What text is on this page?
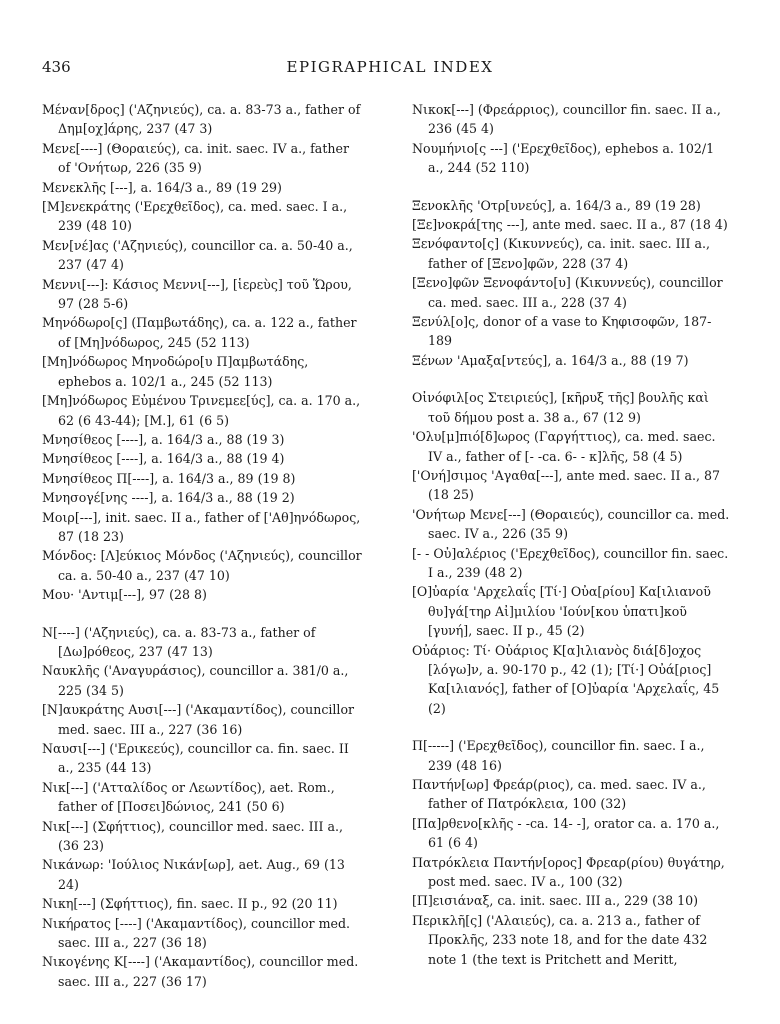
436	EPIGRAPHICAL INDEX

Μέναν[δρος] ('Αζηνιεύς), ca. a. 83-73 a., father of Δημ[οχ]άρης, 237 (47 3)

Μενε[----] (Θοραιεύς), ca. init. saec. IV a., father of 'Ονήτωρ, 226 (35 9)

Μενεκλῆς [---], a. 164/3 a., 89 (19 29)

[Μ]ενεκράτης ('Ερεχθεῖδος), ca. med. saec. I a., 239 (48 10)

Μεν[νέ]ας ('Αζηνιεύς), councillor ca. a. 50-40 a., 237 (47 4)

Μεννι[---]: Κάσιος Μεννι[---], [ἱερεὺς] τοῦ Ὥρου, 97 (28 5-6)

Μηνόδωρο[ς] (Παμβωτάδης), ca. a. 122 a., father of [Μη]νόδωρος, 245 (52 113)

[Μη]νόδωρος Μηνοδώρο[υ Π]αμβωτάδης, ephebos a. 102/1 a., 245 (52 113)

[Μη]νόδωρος Εὐμένου Τρινεμεε[ύς], ca. a. 170 a., 62 (6 43-44); [Μ.], 61 (6 5)

Μνησίθεος [----], a. 164/3 a., 88 (19 3)

Μνησίθεος [----], a. 164/3 a., 88 (19 4)

Μνησίθεος Π[----], a. 164/3 a., 89 (19 8)

Μνησογέ[νης ----], a. 164/3 a., 88 (19 2)

Μοιρ[---], init. saec. II a., father of ['Αθ]ηνόδωρος, 87 (18 23)

Μόνδος: [Λ]εύκιος Μόνδος ('Αζηνιεύς), councillor ca. a. 50-40 a., 237 (47 10)

Μου· 'Αντιμ[---], 97 (28 8)

Ν[----] ('Αζηνιεύς), ca. a. 83-73 a., father of [Δω]ρόθεος, 237 (47 13)

Ναυκλῆς ('Αναγυράσιος), councillor a. 381/0 a., 225 (34 5)

[Ν]αυκράτης Αυσι[---] ('Ακαμαντίδος), councillor med. saec. III a., 227 (36 16)

Ναυσι[---] ('Ερικεεύς), councillor ca. fin. saec. II a., 235 (44 13)

Νικ[---] ('Ατταλίδος or Λεωντίδος), aet. Rom., father of [Ποσει]δώνιος, 241 (50 6)

Νικ[---] (Σφήττιος), councillor med. saec. III a., (36 23)

Νικάνωρ: 'Ιούλιος Νικάν[ωρ], aet. Aug., 69 (13 24)

Νικη[---] (Σφήττιος), fin. saec. II p., 92 (20 11)

Νικήρατος [----] ('Ακαμαντίδος), councillor med. saec. III a., 227 (36 18)

Νικογένης Κ[----] ('Ακαμαντίδος), councillor med. saec. III a., 227 (36 17)

Νικοκ[---] (Φρεάρριος), councillor fin. saec. II a., 236 (45 4)

Νουμήνιο[ς ---] ('Ερεχθεῖδος), ephebos a. 102/1 a., 244 (52 110)

Ξενοκλῆς 'Οτρ[υνεύς], a. 164/3 a., 89 (19 28)

[Ξε]νοκρά[της ---], ante med. saec. II a., 87 (18 4)

Ξενόφαντο[ς] (Κικυννεύς), ca. init. saec. III a., father of [Ξενο]φῶν, 228 (37 4)

[Ξενο]φῶν Ξενοφάντο[υ] (Κικυννεύς), councillor ca. med. saec. III a., 228 (37 4)

Ξενύλ[ο]ς, donor of a vase to Κηφισοφῶν, 187-189

Ξένων 'Αμαξα[ντεύς], a. 164/3 a., 88 (19 7)

Οἰνόφιλ[ος Στειριεύς], [κῆρυξ τῆς] βουλῆς καὶ τοῦ δήμου post a. 38 a., 67 (12 9)

'Ολυ[μ]πιό[δ]ωρος (Γαργήττιος), ca. med. saec. IV a., father of [- -ca. 6- - κ]λῆς, 58 (4 5)

['Ονή]σιμος 'Αγαθα[---], ante med. saec. II a., 87 (18 25)

'Ονήτωρ Μενε[---] (Θοραιεύς), councillor ca. med. saec. IV a., 226 (35 9)

[- - Οὐ]αλέριος ('Ερεχθεῖδος), councillor fin. saec. I a., 239 (48 2)

[Ο]ὐαρία 'Αρχελαΐς [Τί·] Οὐα[ρίου] Κα[ιλιανοῦ θυ]γά[τηρ Αἰ]μιλίου 'Ιούν[κου ὑπατι]κοῦ [γυνή], saec. II p., 45 (2)

Οὐάριος: Τί· Οὐάριος Κ[α]ιλιανὸς διά[δ]οχος [λόγω]ν, a. 90-170 p., 42 (1); [Τί·] Οὐά[ριος] Κα[ιλιανός], father of [Ο]ὐαρία 'Αρχελαΐς, 45 (2)

Π[-----] ('Ερεχθεῖδος), councillor fin. saec. I a., 239 (48 16)

Παντήν[ωρ] Φρεάρ(ριος), ca. med. saec. IV a., father of Πατρόκλεια, 100 (32)

[Πα]ρθενο[κλῆς - -ca. 14- -], orator ca. a. 170 a., 61 (6 4)

Πατρόκλεια Παντήν[ορος] Φρεαρ(ρίου) θυγάτηρ, post med. saec. IV a., 100 (32)

[Π]εισιάναξ, ca. init. saec. III a., 229 (38 10)

Περικλῆ[ς] ('Αλαιεύς), ca. a. 213 a., father of Προκλῆς, 233 note 18, and for the date 432 note 1 (the text is Pritchett and Meritt,
